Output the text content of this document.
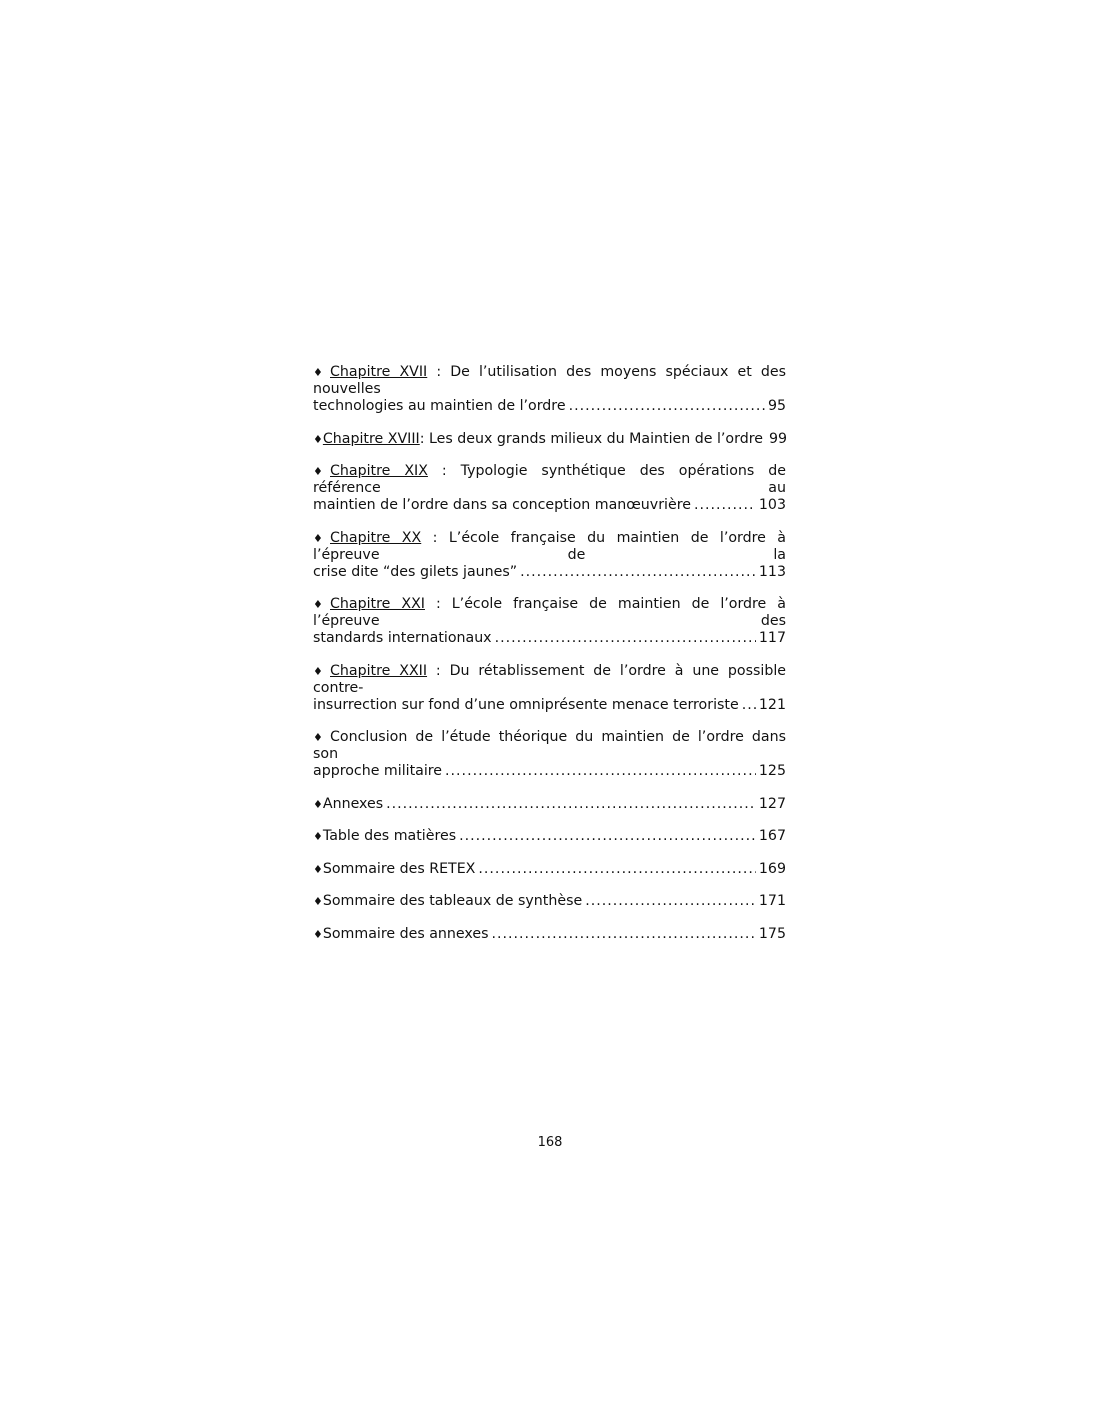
♦Chapitre XVII : De l’utilisation des moyens spéciaux et des nouvelles
technologies au maintien de l’ordre .....	95
♦ Chapitre XVIII : Les deux grands milieux du Maintien de l’ordre 99
♦Chapitre XIX : Typologie synthétique des opérations de référence au
maintien de l’ordre dans sa conception manœuvrière .....	103
♦Chapitre XX : L’école française du maintien de l’ordre à l’épreuve de la
crise dite “des gilets jaunes” .....	113
♦Chapitre XXI : L’école française de maintien de l’ordre à l’épreuve des
standards internationaux .....	117
♦Chapitre XXII : Du rétablissement de l’ordre à une possible contre-
insurrection sur fond d’une omniprésente menace terroriste ..... 121
♦Conclusion de l’étude théorique du maintien de l’ordre dans son
approche militaire .....	125
♦ Annexes .....	127
♦ Table des matières .....	167
♦ Sommaire des RETEX .....	169
♦ Sommaire des tableaux de synthèse .....	171
♦ Sommaire des annexes .....	175
168
